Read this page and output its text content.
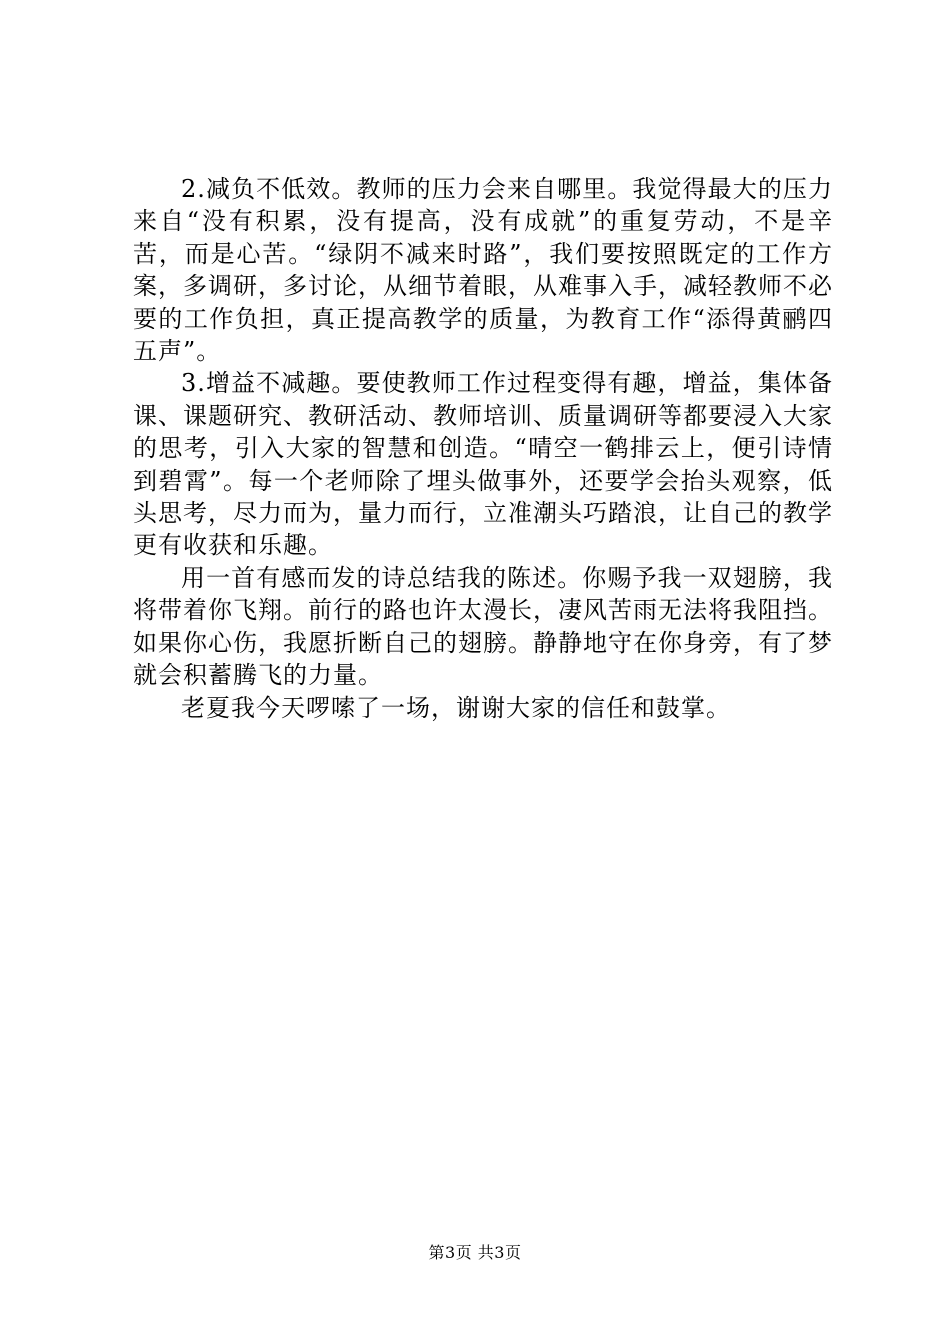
2.减负不低效。教师的压力会来自哪里。我觉得最大的压力来自“没有积累，没有提高，没有成就”的重复劳动，不是辛苦，而是心苦。“绿阴不减来时路”，我们要按照既定的工作方案，多调研，多讨论，从细节着眼，从难事入手，减轻教师不必要的工作负担，真正提高教学的质量，为教育工作“添得黄鹂四五声”。

3.增益不减趣。要使教师工作过程变得有趣，增益，集体备课、课题研究、教研活动、教师培训、质量调研等都要浸入大家的思考，引入大家的智慧和创造。“晴空一鹤排云上，便引诗情到碧霄”。每一个老师除了埋头做事外，还要学会抬头观察，低头思考，尽力而为，量力而行，立准潮头巧踏浪，让自己的教学更有收获和乐趣。

用一首有感而发的诗总结我的陈述。你赐予我一双翅膀，我将带着你飞翔。前行的路也许太漫长，凄风苦雨无法将我阻挡。如果你心伤，我愿折断自己的翅膀。静静地守在你身旁，有了梦就会积蓄腾飞的力量。

老夏我今天啰嗦了一场，谢谢大家的信任和鼓掌。

第3页 共3页
